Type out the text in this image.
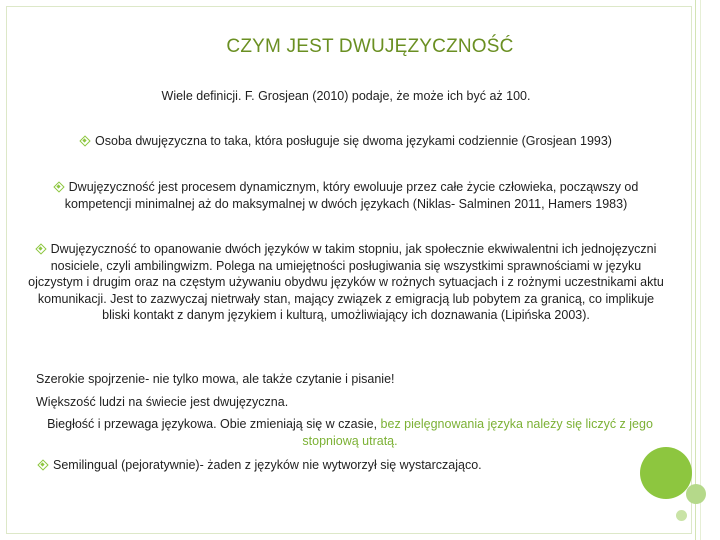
CZYM JEST DWUJĘZYCZNOŚĆ
Wiele definicji. F. Grosjean (2010) podaje, że może ich być aż 100.
Osoba dwujęzyczna to taka, która posługuje się dwoma językami codziennie (Grosjean 1993)
Dwujęzyczność jest procesem dynamicznym, który ewoluuje przez całe życie człowieka, począwszy od kompetencji minimalnej aż do maksymalnej w dwóch językach (Niklas- Salminen 2011, Hamers 1983)
Dwujęzyczność to opanowanie dwóch języków w takim stopniu, jak społecznie ekwiwalentni ich jednojęzyczni nosiciele, czyli ambilingwizm. Polega na umiejętności posługiwania się wszystkimi sprawnościami w języku ojczystym i drugim oraz na częstym używaniu obydwu języków w rożnych sytuacjach i z rożnymi uczestnikami aktu komunikacji. Jest to zazwyczaj nietrwały stan, mający związek z emigracją lub pobytem za granicą, co implikuje bliski kontakt z danym językiem i kulturą, umożliwiający ich doznawania (Lipińska 2003).
Szerokie spojrzenie- nie tylko mowa, ale także czytanie i pisanie!
Większość ludzi na świecie jest dwujęzyczna.
Biegłość i przewaga językowa. Obie zmieniają się w czasie, bez pielęgnowania języka należy się liczyć z jego stopniową utratą.
Semilingual (pejoratywnie)- żaden z języków nie wytworzył się wystarczająco.
